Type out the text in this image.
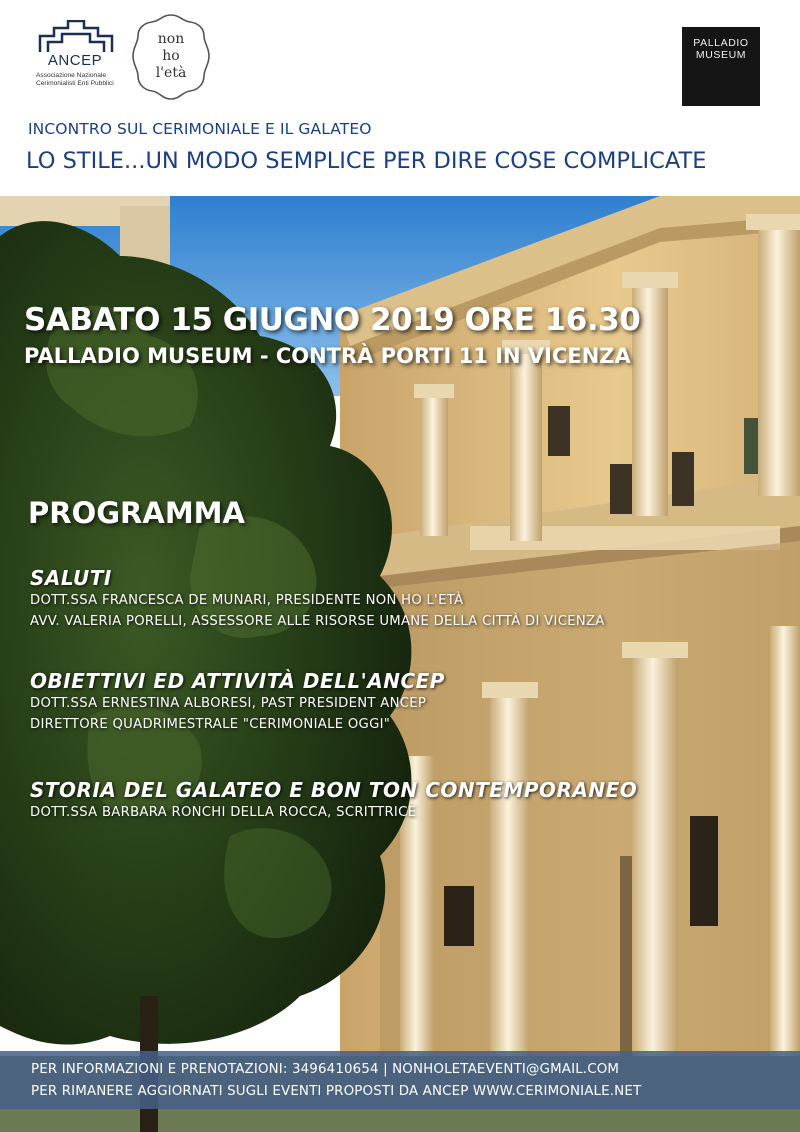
ANCEP
Associazione Nazionale
Cerimonialisti Enti Pubblici
non
ho
l'età
PALLADIO
MUSEUM
INCONTRO SUL CERIMONIALE E IL GALATEO
LO STILE...UN MODO SEMPLICE PER DIRE COSE COMPLICATE
SABATO 15 GIUGNO 2019 ORE 16.30
PALLADIO MUSEUM - CONTRÀ PORTI 11 IN VICENZA
PROGRAMMA
SALUTI
DOTT.SSA FRANCESCA DE MUNARI, PRESIDENTE NON HO L'ETÀ
AVV. VALERIA PORELLI, ASSESSORE ALLE RISORSE UMANE DELLA CITTÀ DI VICENZA
OBIETTIVI ED ATTIVITÀ DELL'ANCEP
DOTT.SSA ERNESTINA ALBORESI, PAST PRESIDENT ANCEP
DIRETTORE QUADRIMESTRALE "CERIMONIALE OGGI"
STORIA DEL GALATEO E BON TON CONTEMPORANEO
DOTT.SSA BARBARA RONCHI DELLA ROCCA, SCRITTRICE
PER INFORMAZIONI E PRENOTAZIONI: 3496410654 | NONHOLETAEVENTI@GMAIL.COM
PER RIMANERE AGGIORNATI SUGLI EVENTI PROPOSTI DA ANCEP WWW.CERIMONIALE.NET
